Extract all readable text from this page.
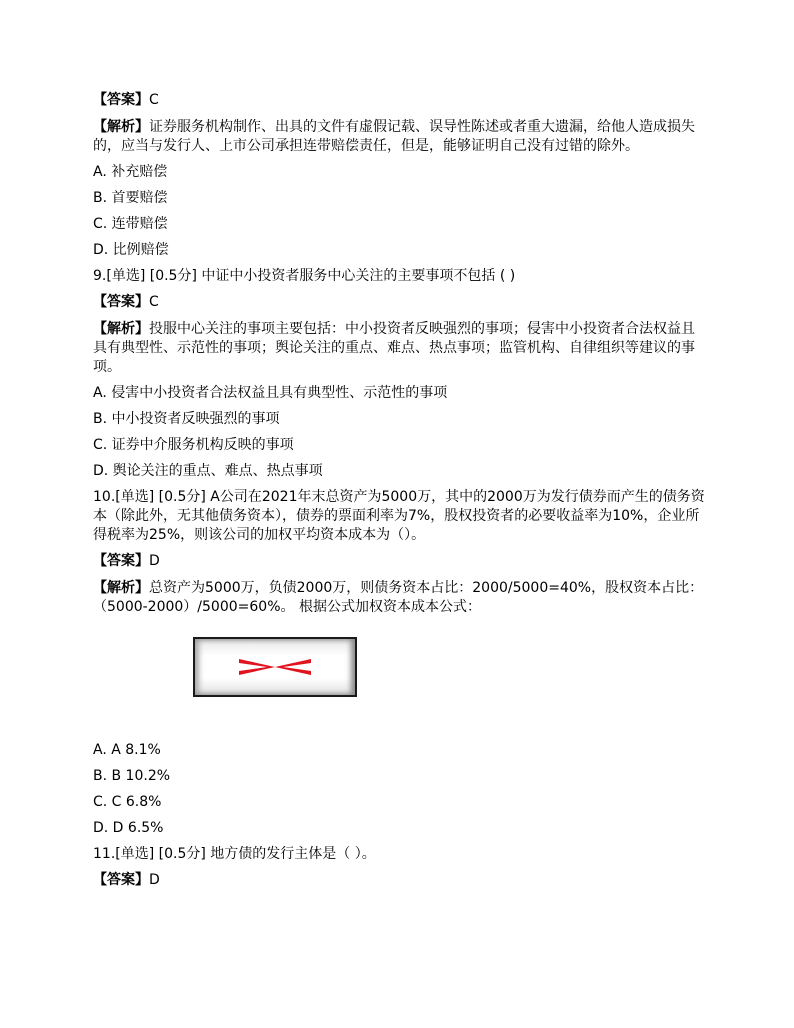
【答案】C
【解析】证券服务机构制作、出具的文件有虚假记载、误导性陈述或者重大遗漏，给他人造成损失的，应当与发行人、上市公司承担连带赔偿责任，但是，能够证明自己没有过错的除外。
A. 补充赔偿
B. 首要赔偿
C. 连带赔偿
D. 比例赔偿
9.[单选] [0.5分] 中证中小投资者服务中心关注的主要事项不包括 ( )
【答案】C
【解析】投服中心关注的事项主要包括：中小投资者反映强烈的事项；侵害中小投资者合法权益且具有典型性、示范性的事项；舆论关注的重点、难点、热点事项；监管机构、自律组织等建议的事项。
A. 侵害中小投资者合法权益且具有典型性、示范性的事项
B. 中小投资者反映强烈的事项
C. 证券中介服务机构反映的事项
D. 舆论关注的重点、难点、热点事项
10.[单选] [0.5分] A公司在2021年末总资产为5000万，其中的2000万为发行债券而产生的债务资本（除此外，无其他债务资本），债券的票面利率为7%，股权投资者的必要收益率为10%，企业所得税率为25%，则该公司的加权平均资本成本为（）。
【答案】D
【解析】总资产为5000万，负债2000万，则债务资本占比：2000/5000=40%，股权资本占比：（5000-2000）/5000=60%。 根据公式加权资本成本公式：
A. A 8.1%
B. B 10.2%
C. C 6.8%
D. D 6.5%
11.[单选] [0.5分] 地方债的发行主体是（ ）。
【答案】D
